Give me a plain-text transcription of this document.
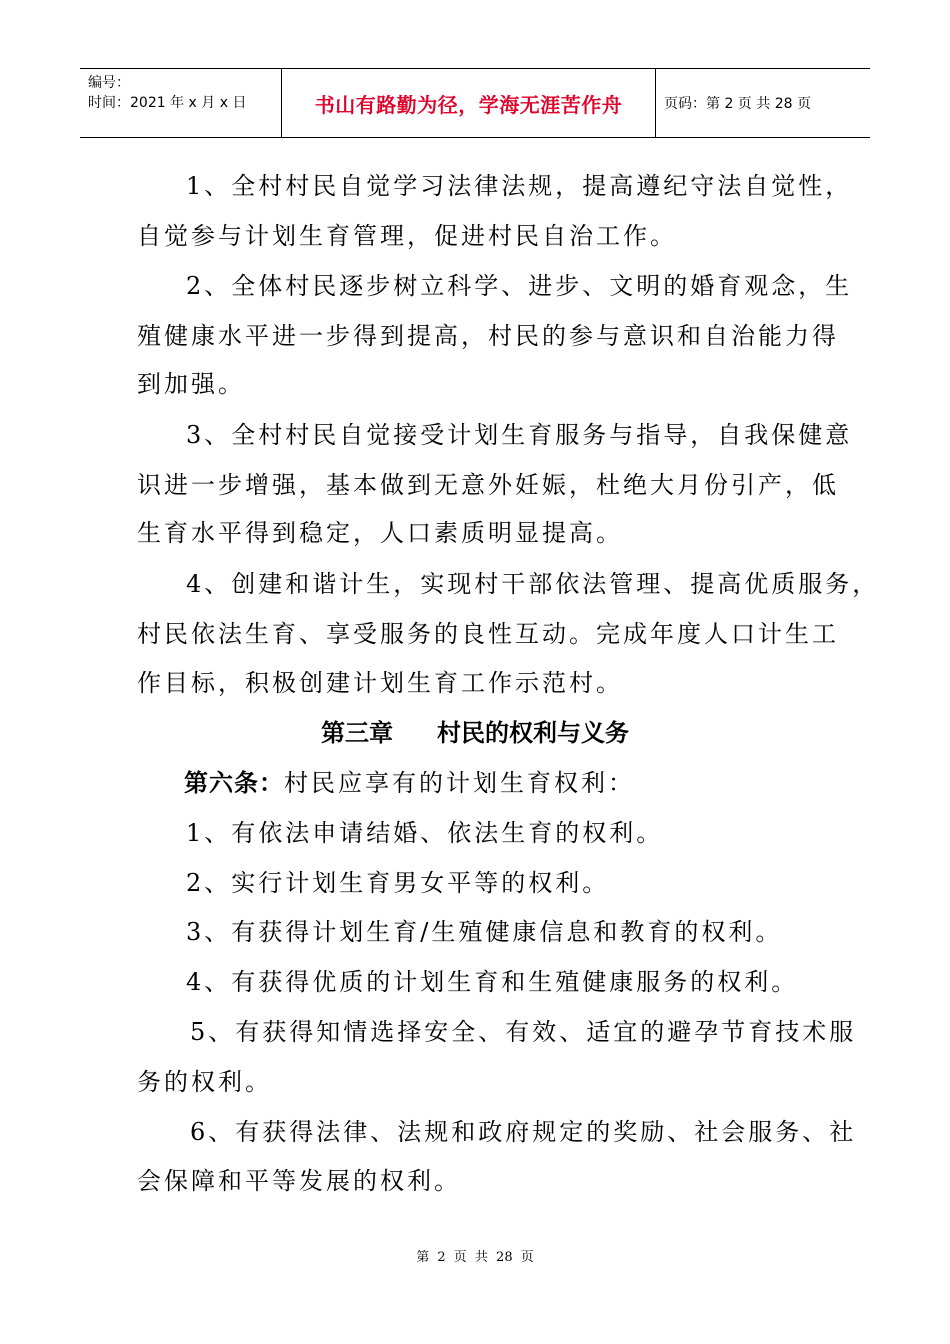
编号：
时间：2021 年 x 月 x 日	书山有路勤为径，学海无涯苦作舟	页码：第 2 页 共 28 页
1、全村村民自觉学习法律法规，提高遵纪守法自觉性，
自觉参与计划生育管理，促进村民自治工作。
2、全体村民逐步树立科学、进步、文明的婚育观念，生
殖健康水平进一步得到提高，村民的参与意识和自治能力得
到加强。
3、全村村民自觉接受计划生育服务与指导，自我保健意
识进一步增强，基本做到无意外妊娠，杜绝大月份引产，低
生育水平得到稳定，人口素质明显提高。
4、创建和谐计生，实现村干部依法管理、提高优质服务，
村民依法生育、享受服务的良性互动。完成年度人口计生工
作目标，积极创建计划生育工作示范村。
第三章 村民的权利与义务
第六条：村民应享有的计划生育权利：
1、有依法申请结婚、依法生育的权利。
2、实行计划生育男女平等的权利。
3、有获得计划生育/生殖健康信息和教育的权利。
4、有获得优质的计划生育和生殖健康服务的权利。
5、有获得知情选择安全、有效、适宜的避孕节育技术服
务的权利。
6、有获得法律、法规和政府规定的奖励、社会服务、社
会保障和平等发展的权利。
第 2 页 共 28 页
